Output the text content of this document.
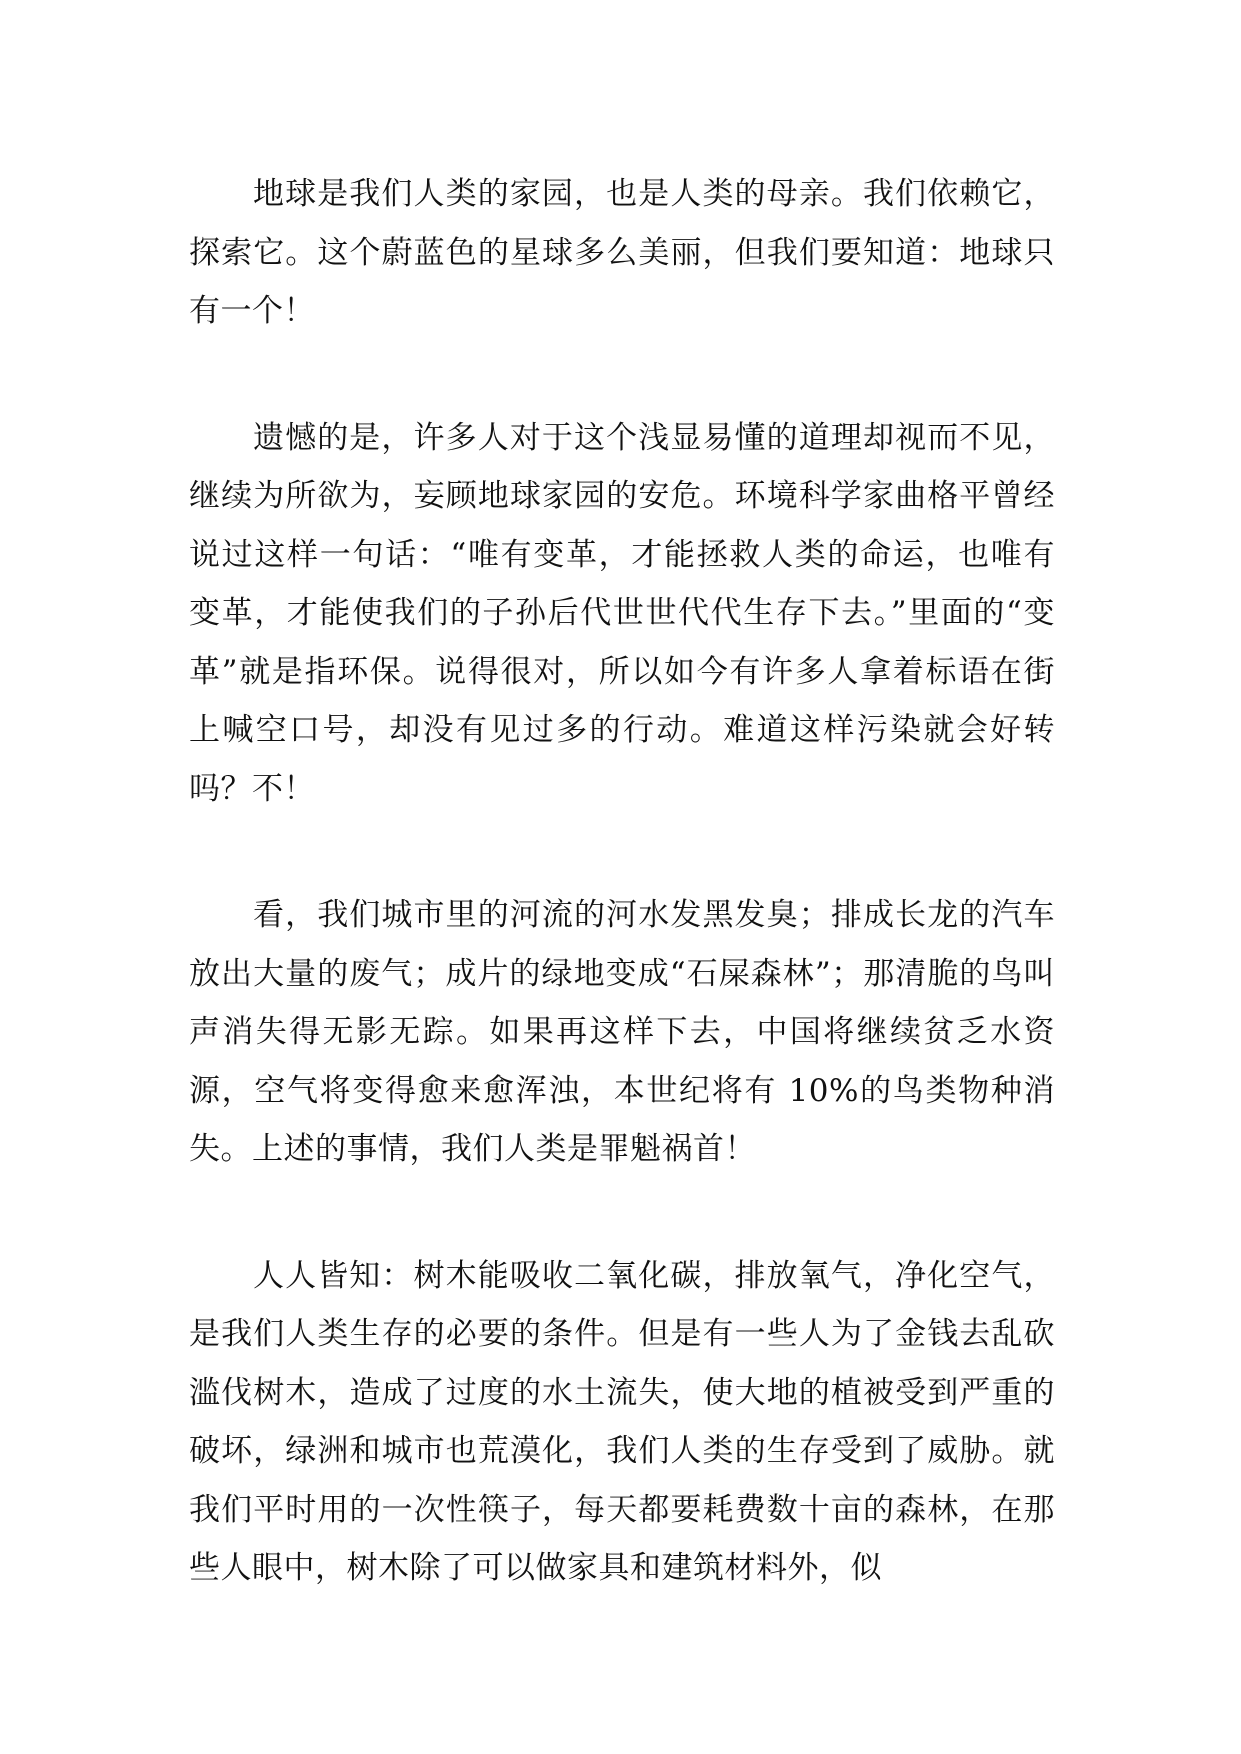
地球是我们人类的家园，也是人类的母亲。我们依赖它，探索它。这个蔚蓝色的星球多么美丽，但我们要知道：地球只有一个！

遗憾的是，许多人对于这个浅显易懂的道理却视而不见，继续为所欲为，妄顾地球家园的安危。环境科学家曲格平曾经说过这样一句话：“唯有变革，才能拯救人类的命运，也唯有变革，才能使我们的子孙后代世世代代生存下去。”里面的“变革”就是指环保。说得很对，所以如今有许多人拿着标语在街上喊空口号，却没有见过多的行动。难道这样污染就会好转吗？不！

看，我们城市里的河流的河水发黑发臭；排成长龙的汽车放出大量的废气；成片的绿地变成“石屎森林”；那清脆的鸟叫声消失得无影无踪。如果再这样下去，中国将继续贫乏水资源，空气将变得愈来愈浑浊，本世纪将有 10%的鸟类物种消失。上述的事情，我们人类是罪魁祸首！

人人皆知：树木能吸收二氧化碳，排放氧气，净化空气，是我们人类生存的必要的条件。但是有一些人为了金钱去乱砍滥伐树木，造成了过度的水土流失，使大地的植被受到严重的破坏，绿洲和城市也荒漠化，我们人类的生存受到了威胁。就我们平时用的一次性筷子，每天都要耗费数十亩的森林，在那些人眼中，树木除了可以做家具和建筑材料外，似
